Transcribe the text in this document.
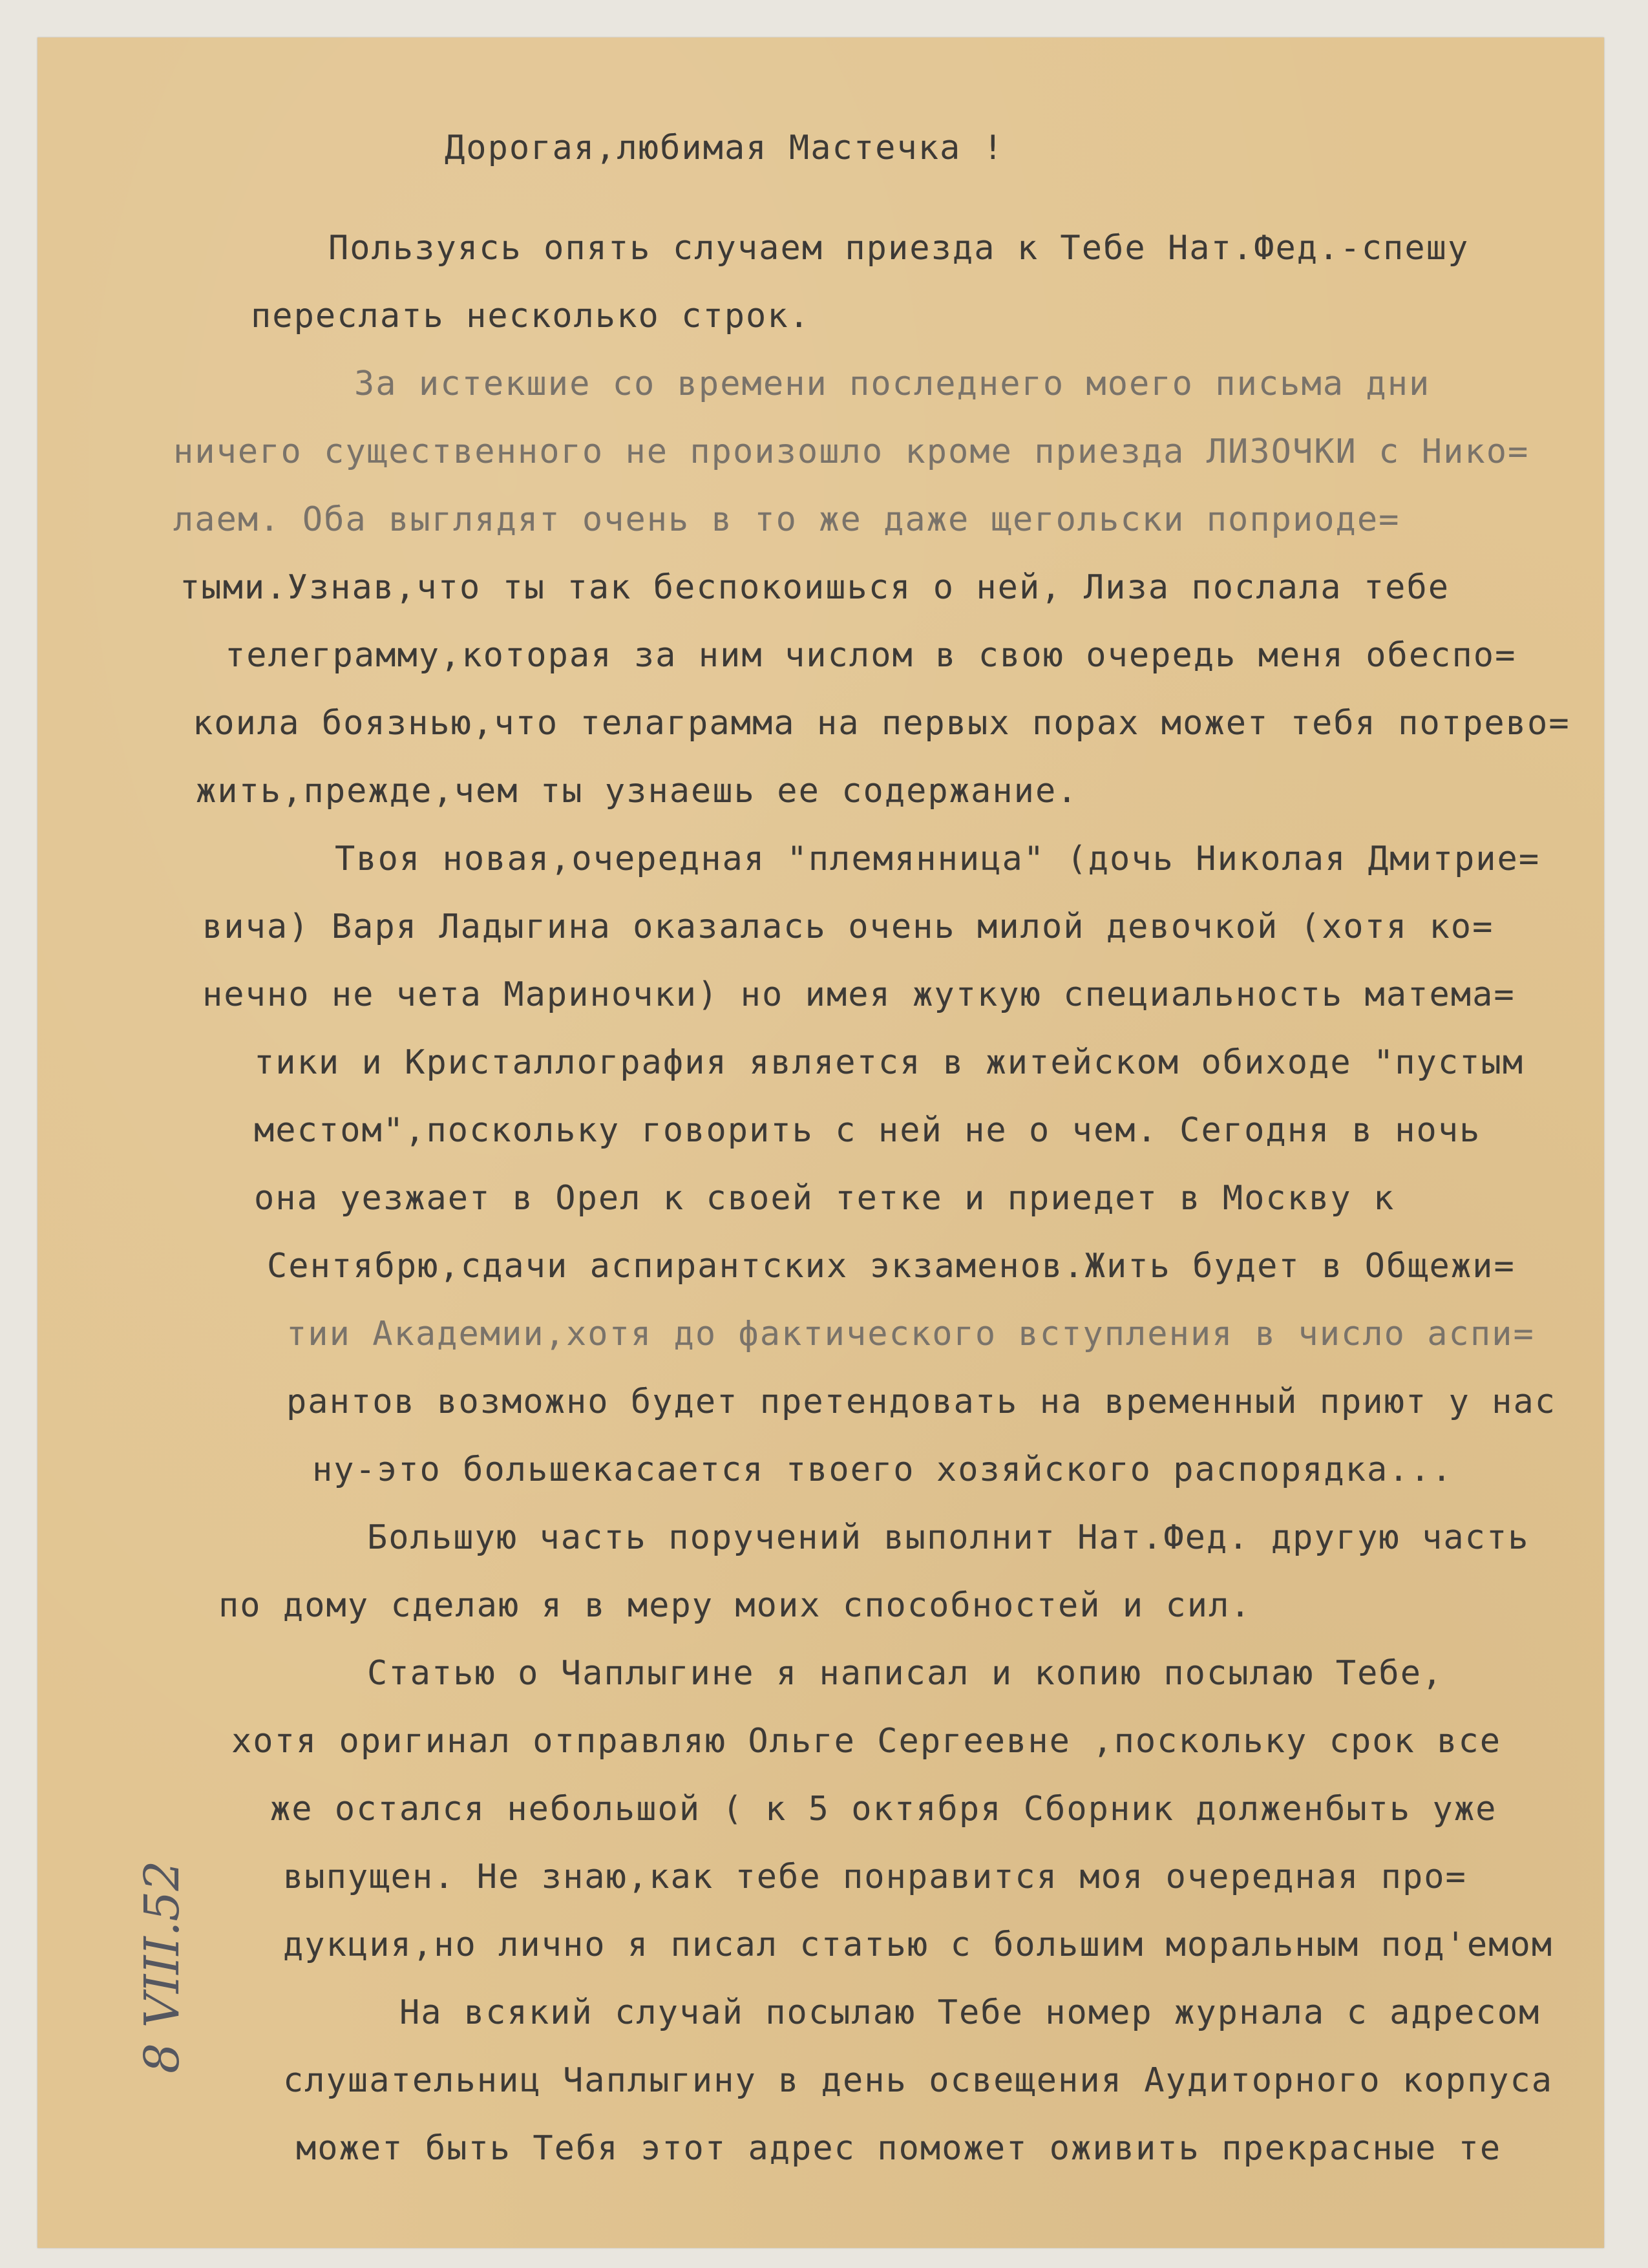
Дорогая,любимая Мастечка !

Пользуясь опять случаем приезда к Тебе Нат.Фед.-спешу

переслать несколько строк.

За истекшие со времени последнего моего письма дни

ничего существенного не произошло кроме приезда ЛИЗОЧКИ с Нико=

лаем. Оба выглядят очень в то же даже щегольски поприоде=

тыми.Узнав,что ты так беспокоишься о ней, Лиза послала тебе

телеграмму,которая за ним числом в свою очередь меня обеспо=

коила боязнью,что телаграмма на первых порах может тебя потрево=

жить,прежде,чем ты узнаешь ее содержание.

Твоя новая,очередная "племянница" (дочь Николая Дмитрие=

вича) Варя Ладыгина оказалась очень милой девочкой (хотя ко=

нечно не чета Мариночки) но имея жуткую специальность матема=

тики и Кристаллография является в житейском обиходе "пустым

местом",поскольку говорить с ней не о чем. Сегодня в ночь

она уезжает в Орел к своей тетке и приедет в Москву к

Сентябрю,сдачи аспирантских экзаменов.Жить будет в Общежи=

тии Академии,хотя до фактического вступления в число аспи=

рантов возможно будет претендовать на временный приют у нас

ну-это большекасается твоего хозяйского распорядка...

Большую часть поручений выполнит Нат.Фед. другую часть

по дому сделаю я в меру моих способностей и сил.

Статью о Чаплыгине я написал и копию посылаю Тебе,

хотя оригинал отправляю Ольге Сергеевне ,поскольку срок все

же остался небольшой ( к 5 октября Сборник долженбыть уже

выпущен. Не знаю,как тебе понравится моя очередная про=

дукция,но лично я писал статью с большим моральным под'емом

На всякий случай посылаю Тебе номер журнала с адресом

слушательниц Чаплыгину в день освещения Аудиторного корпуса

может быть Тебя этот адрес поможет оживить прекрасные те

8 VIII.52
